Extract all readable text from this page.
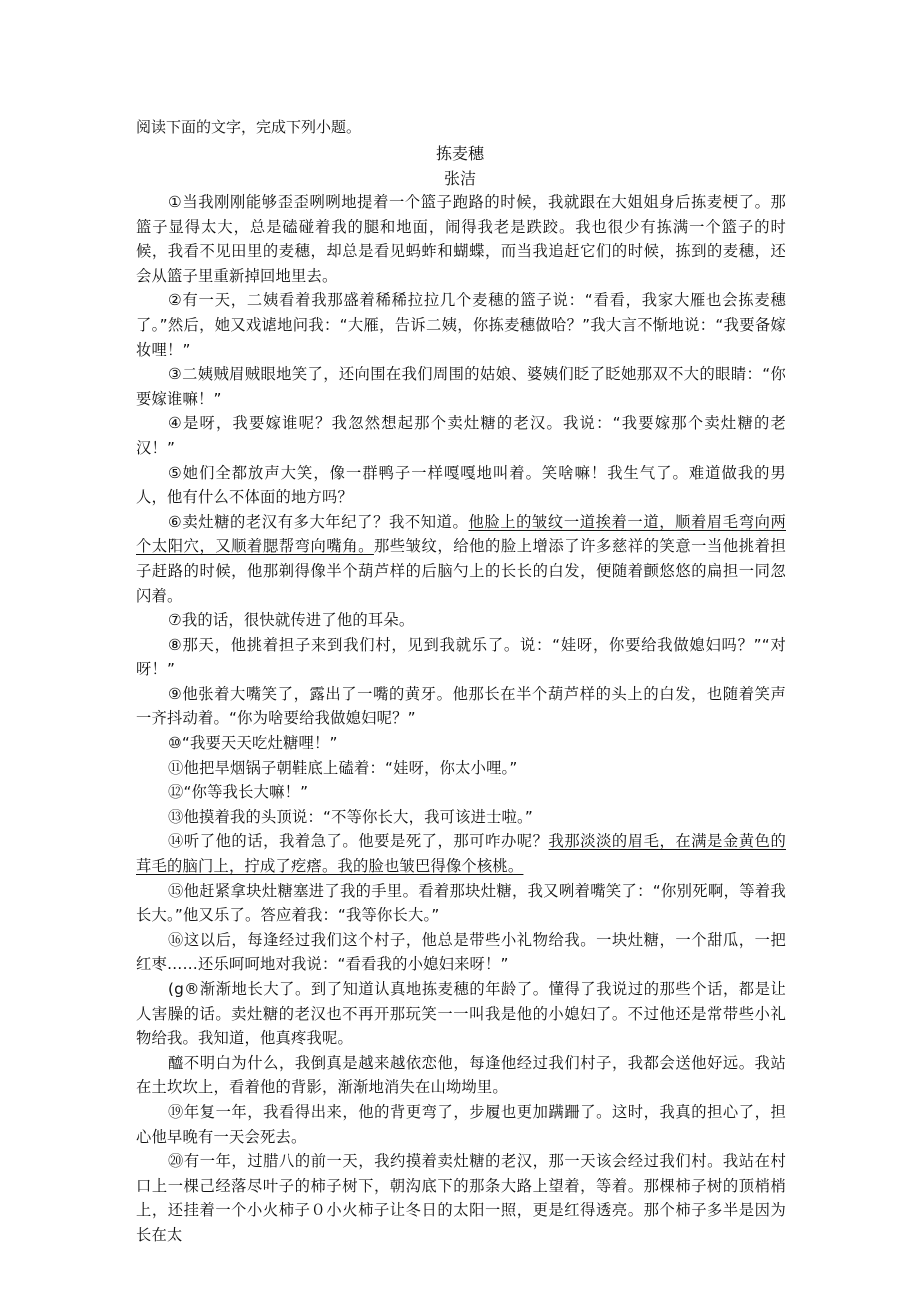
阅读下面的文字，完成下列小题。
拣麦穗
张洁

①当我刚刚能够歪歪咧咧地提着一个篮子跑路的时候，我就跟在大姐姐身后拣麦梗了。那篮子显得太大，总是磕碰着我的腿和地面，闹得我老是跌跤。我也很少有拣满一个篮子的时候，我看不见田里的麦穗，却总是看见蚂蚱和蝴蝶，而当我追赶它们的时候，拣到的麦穗，还会从篮子里重新掉回地里去。

②有一天，二姨看着我那盛着稀稀拉拉几个麦穗的篮子说：“看看，我家大雁也会拣麦穗了。”然后，她又戏谑地问我：“大雁，告诉二姨，你拣麦穗做哈？”我大言不惭地说：“我要备嫁妆哩！”

③二姨贼眉贼眼地笑了，还向围在我们周围的姑娘、婆姨们眨了眨她那双不大的眼睛：“你要嫁谁嘛！”

④是呀，我要嫁谁呢？我忽然想起那个卖灶糖的老汉。我说：“我要嫁那个卖灶糖的老汉！”

⑤她们全都放声大笑，像一群鸭子一样嘎嘎地叫着。笑啥嘛！我生气了。难道做我的男人，他有什么不体面的地方吗？

⑥卖灶糖的老汉有多大年纪了？我不知道。他脸上的皱纹一道挨着一道，顺着眉毛弯向两个太阳穴，又顺着腮帮弯向嘴角。那些皱纹，给他的脸上增添了许多慈祥的笑意一当他挑着担子赶路的时候，他那剃得像半个葫芦样的后脑勺上的长长的白发，便随着颤悠悠的扁担一同忽闪着。

⑦我的话，很快就传进了他的耳朵。

⑧那天，他挑着担子来到我们村，见到我就乐了。说：“娃呀，你要给我做媳妇吗？”“对呀！”

⑨他张着大嘴笑了，露出了一嘴的黄牙。他那长在半个葫芦样的头上的白发，也随着笑声一齐抖动着。“你为啥要给我做媳妇呢？”

⑩“我要天天吃灶糖哩！”

⑪他把旱烟锅子朝鞋底上磕着：“娃呀，你太小哩。”

⑫“你等我长大嘛！”

⑬他摸着我的头顶说：“不等你长大，我可该进士啦。”

⑭听了他的话，我着急了。他要是死了，那可咋办呢？我那淡淡的眉毛，在满是金黄色的茸毛的脑门上，拧成了疙瘩。我的脸也皱巴得像个核桃。

⑮他赶紧拿块灶糖塞进了我的手里。看着那块灶糖，我又咧着嘴笑了：“你别死啊，等着我长大。”他又乐了。答应着我：“我等你长大。”

⑯这以后，每逢经过我们这个村子，他总是带些小礼物给我。一块灶糖，一个甜瓜，一把红枣……还乐呵呵地对我说：“看看我的小媳妇来呀！”

(g®渐渐地长大了。到了知道认真地拣麦穗的年龄了。懂得了我说过的那些个话，都是让人害臊的话。卖灶糖的老汉也不再开那玩笑一一叫我是他的小媳妇了。不过他还是常带些小礼物给我。我知道，他真疼我呢。

醯不明白为什么，我倒真是越来越依恋他，每逢他经过我们村子，我都会送他好远。我站在土坎坎上，看着他的背影，渐渐地消失在山坳坳里。

⑲年复一年，我看得出来，他的背更弯了，步履也更加蹒跚了。这时，我真的担心了，担心他早晚有一天会死去。

⑳有一年，过腊八的前一天，我约摸着卖灶糖的老汉，那一天该会经过我们村。我站在村口上一棵己经落尽叶子的柿子树下，朝沟底下的那条大路上望着，等着。那棵柿子树的顶梢梢上，还挂着一个小火柿子０小火柿子让冬日的太阳一照，更是红得透亮。那个柿子多半是因为长在太
